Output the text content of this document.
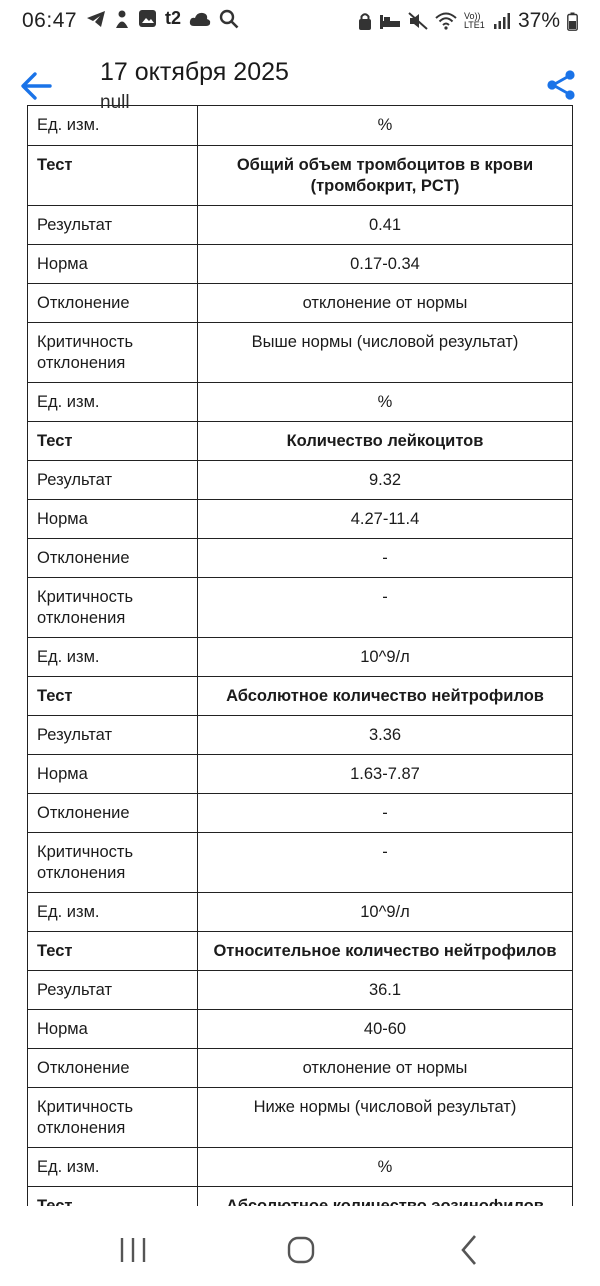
06:47	t2	Vo)) LTE1 37%
17 октября 2025
null
Ед. изм.	%
Тест	Общий объем тромбоцитов в крови (тромбокрит, PCT)
Результат	0.41
Норма	0.17-0.34
Отклонение	отклонение от нормы
Критичность отклонения	Выше нормы (числовой результат)
Ед. изм.	%
Тест	Количество лейкоцитов
Результат	9.32
Норма	4.27-11.4
Отклонение	-
Критичность отклонения	-
Ед. изм.	10^9/л
Тест	Абсолютное количество нейтрофилов
Результат	3.36
Норма	1.63-7.87
Отклонение	-
Критичность отклонения	-
Ед. изм.	10^9/л
Тест	Относительное количество нейтрофилов
Результат	36.1
Норма	40-60
Отклонение	отклонение от нормы
Критичность отклонения	Ниже нормы (числовой результат)
Ед. изм.	%
